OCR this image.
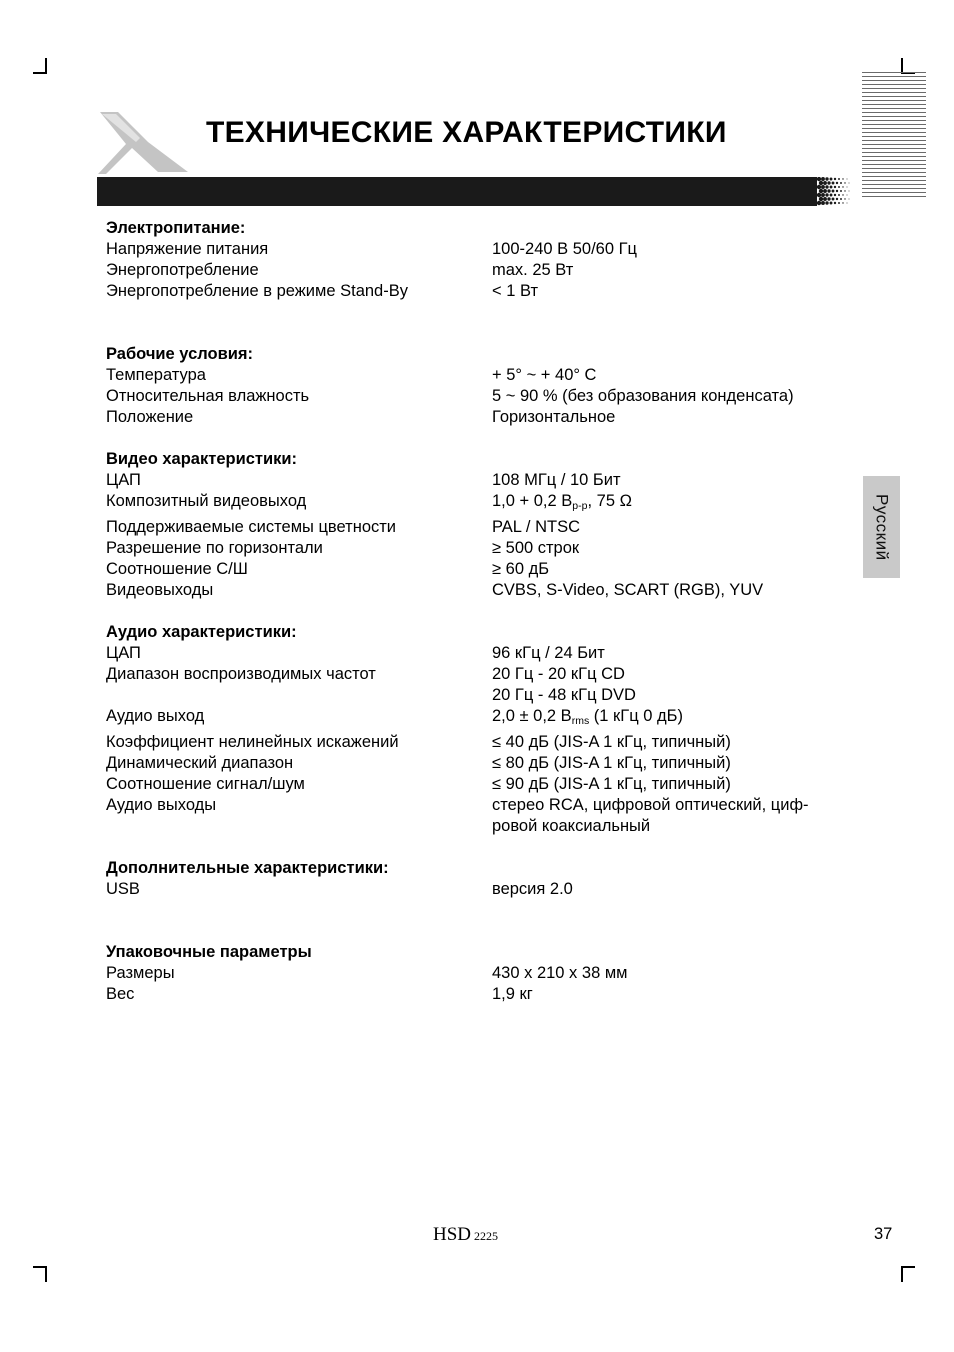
ТЕХНИЧЕСКИЕ ХАРАКТЕРИСТИКИ
Русский
Электропитание:
Напряжение питания	100-240 В 50/60 Гц
Энергопотребление	max. 25 Вт
Энергопотребление в режиме Stand-By	< 1 Вт
Рабочие условия:
Температура	+ 5° ~ + 40° C
Относительная влажность	5 ~ 90 % (без образования конденсата)
Положение	Горизонтальное
Видео характеристики:
ЦАП	108 МГц / 10 Бит
Композитный видеовыход	1,0 + 0,2 $В_{p-p}$, 75 Ω
Поддерживаемые системы цветности	PAL / NTSC
Разрешение по горизонтали	≥ 500 строк
Соотношение С/Ш	≥ 60 дБ
Видеовыходы	CVBS, S-Video, SCART (RGB), YUV
Аудио характеристики:
ЦАП	96 кГц / 24 Бит
Диапазон воспроизводимых частот	20 Гц - 20 кГц CD
20 Гц - 48 кГц DVD
Аудио выход	2,0 ± 0,2 $В_{rms}$ (1 кГц 0 дБ)
Коэффициент нелинейных искажений	≤ 40 дБ (JIS-A 1 кГц, типичный)
Динамический диапазон	≤ 80 дБ (JIS-A 1 кГц, типичный)
Соотношение сигнал/шум	≤ 90 дБ (JIS-A 1 кГц, типичный)
Аудио выходы	стерео RCA, цифровой оптический, циф-
ровой коаксиальный
Дополнительные характеристики:
USB	версия 2.0
Упаковочные параметры
Размеры	430 x 210 x 38 мм
Вес	1,9 кг
HSD 2225	37
